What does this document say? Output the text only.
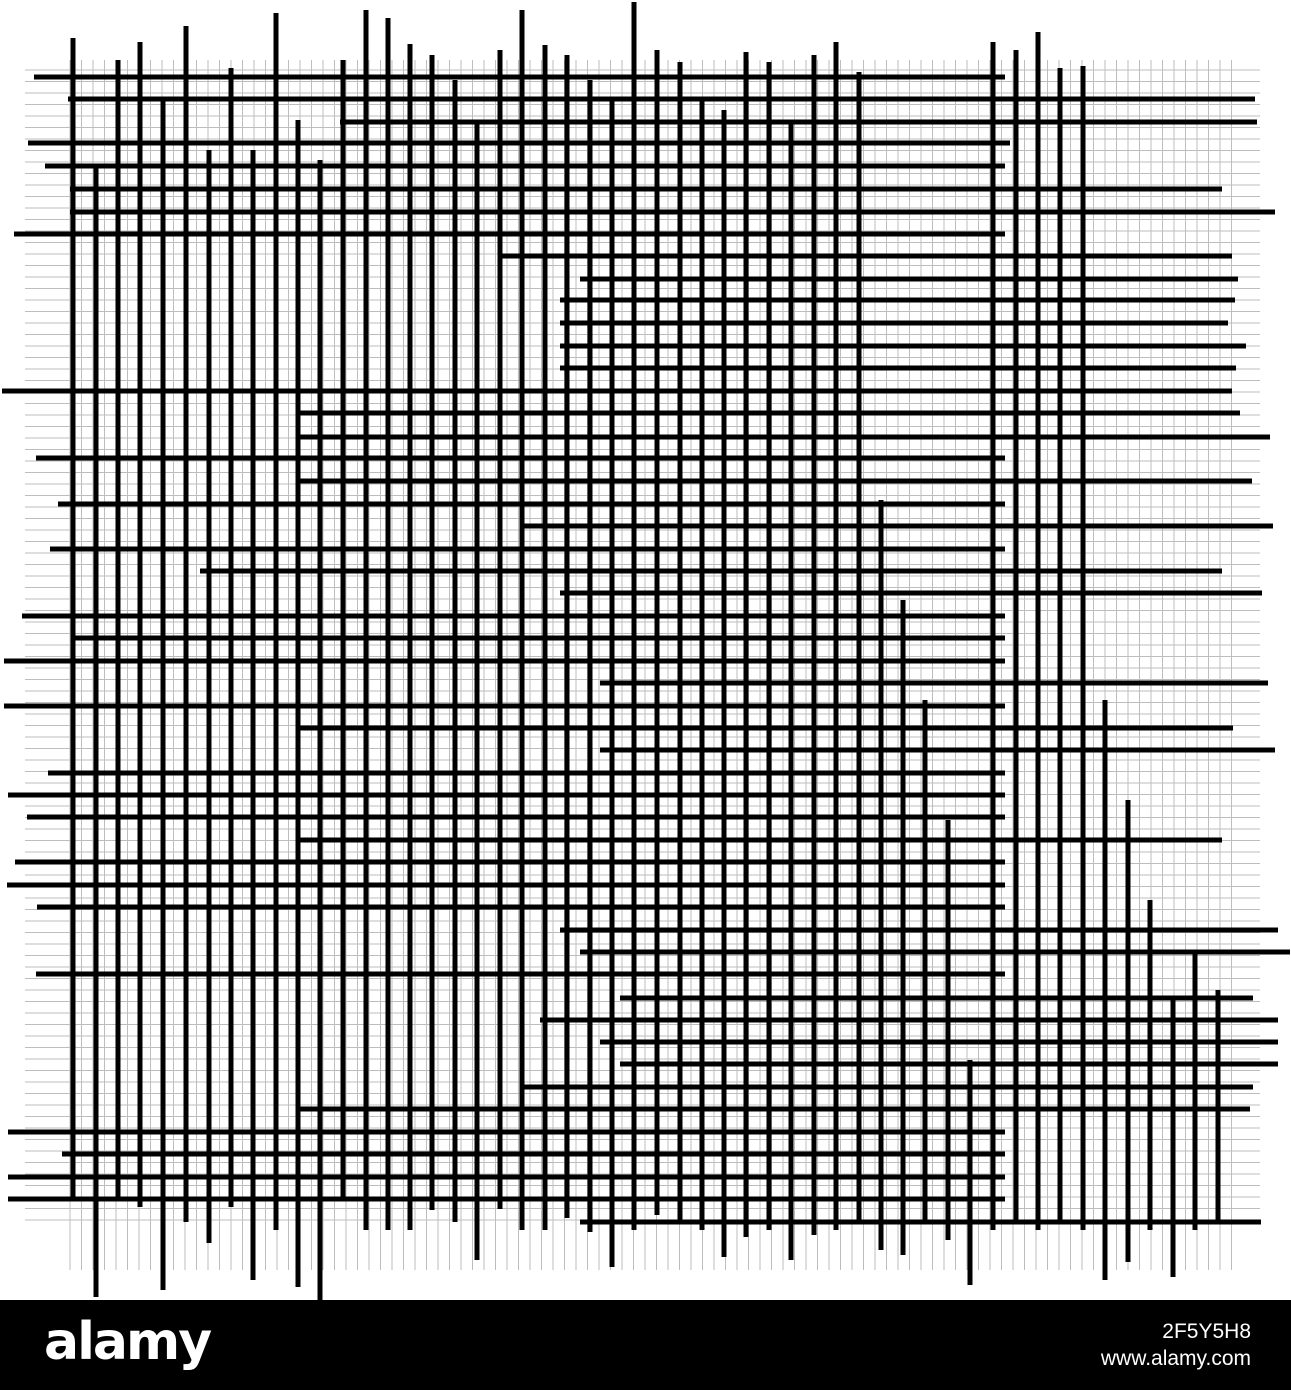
alamy	2F5Y5H8
www.alamy.com
